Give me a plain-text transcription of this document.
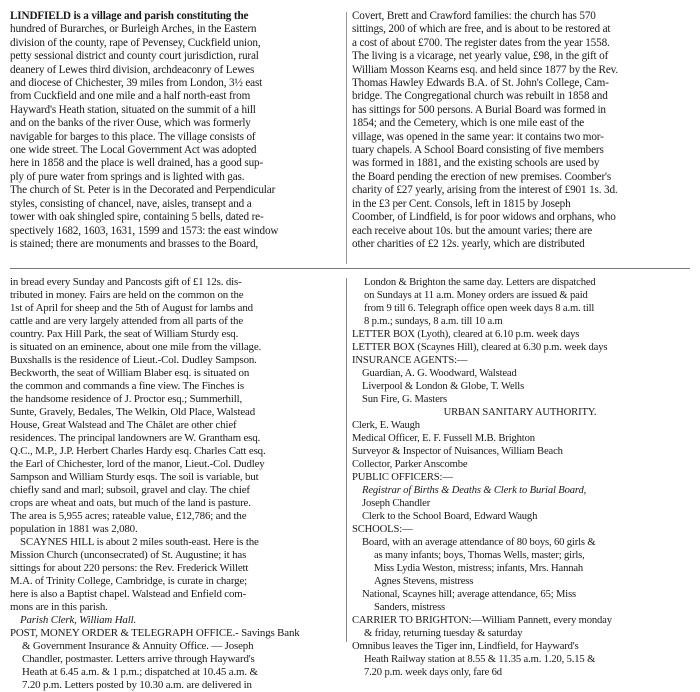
LINDFIELD is a village and parish constituting the
hundred of Burarches, or Burleigh Arches, in the Eastern
division of the county, rape of Pevensey, Cuckfield union,
petty sessional district and county court jurisdiction, rural
deanery of Lewes third division, archdeaconry of Lewes
and diocese of Chichester, 39 miles from London, 3½ east
from Cuckfield and one mile and a half north-east from
Hayward's Heath station, situated on the summit of a hill
and on the banks of the river Ouse, which was formerly
navigable for barges to this place. The village consists of
one wide street. The Local Government Act was adopted
here in 1858 and the place is well drained, has a good sup-
ply of pure water from springs and is lighted with gas.
The church of St. Peter is in the Decorated and Perpendicular
styles, consisting of chancel, nave, aisles, transept and a
tower with oak shingled spire, containing 5 bells, dated re-
spectively 1682, 1603, 1631, 1599 and 1573: the east window
is stained; there are monuments and brasses to the Board,
Covert, Brett and Crawford families: the church has 570
sittings, 200 of which are free, and is about to be restored at
a cost of about £700. The register dates from the year 1558.
The living is a vicarage, net yearly value, £98, in the gift of
William Mosson Kearns esq. and held since 1877 by the Rev.
Thomas Hawley Edwards B.A. of St. John's College, Cam-
bridge. The Congregational church was rebuilt in 1858 and
has sittings for 500 persons. A Burial Board was formed in
1854; and the Cemetery, which is one mile east of the
village, was opened in the same year: it contains two mor-
tuary chapels. A School Board consisting of five members
was formed in 1881, and the existing schools are used by
the Board pending the erection of new premises. Coomber's
charity of £27 yearly, arising from the interest of £901 1s. 3d.
in the £3 per Cent. Consols, left in 1815 by Joseph
Coomber, of Lindfield, is for poor widows and orphans, who
each receive about 10s. but the amount varies; there are
other charities of £2 12s. yearly, which are distributed
in bread every Sunday and Pancosts gift of £1 12s. dis-
tributed in money. Fairs are held on the common on the
1st of April for sheep and the 5th of August for lambs and
cattle and are very largely attended from all parts of the
country. Pax Hill Park, the seat of William Sturdy esq.
is situated on an eminence, about one mile from the village.
Buxshalls is the residence of Lieut.-Col. Dudley Sampson.
Beckworth, the seat of William Blaber esq. is situated on
the common and commands a fine view. The Finches is
the handsome residence of J. Proctor esq.; Summerhill,
Sunte, Gravely, Bedales, The Welkin, Old Place, Walstead
House, Great Walstead and The Châlet are other chief
residences. The principal landowners are W. Grantham esq.
Q.C., M.P., J.P. Herbert Charles Hardy esq. Charles Catt esq.
the Earl of Chichester, lord of the manor, Lieut.-Col. Dudley
Sampson and William Sturdy esqs. The soil is variable, but
chiefly sand and marl; subsoil, gravel and clay. The chief
crops are wheat and oats, but much of the land is pasture.
The area is 5,955 acres; rateable value, £12,786; and the
population in 1881 was 2,080.
SCAYNES HILL is about 2 miles south-east. Here is the
Mission Church (unconsecrated) of St. Augustine; it has
sittings for about 220 persons: the Rev. Frederick Willett
M.A. of Trinity College, Cambridge, is curate in charge;
here is also a Baptist chapel. Walstead and Enfield com-
mons are in this parish.
Parish Clerk, William Hall.
POST, MONEY ORDER & TELEGRAPH OFFICE.- Savings Bank
& Government Insurance & Annuity Office. — Joseph
Chandler, postmaster. Letters arrive through Hayward's
Heath at 6.45 a.m. & 1 p.m.; dispatched at 10.45 a.m. &
7.20 p.m. Letters posted by 10.30 a.m. are delivered in
London & Brighton the same day. Letters are dispatched
on Sundays at 11 a.m. Money orders are issued & paid
from 9 till 6. Telegraph office open week days 8 a.m. till
8 p.m.; sundays, 8 a.m. till 10 a.m
LETTER BOX (Lyoth), cleared at 6.10 p.m. week days
LETTER BOX (Scaynes Hill), cleared at 6.30 p.m. week days
INSURANCE AGENTS:—
Guardian, A. G. Woodward, Walstead
Liverpool & London & Globe, T. Wells
Sun Fire, G. Masters
URBAN SANITARY AUTHORITY.
Clerk, E. Waugh
Medical Officer, E. F. Fussell M.B. Brighton
Surveyor & Inspector of Nuisances, William Beach
Collector, Parker Anscombe
PUBLIC OFFICERS:—
Registrar of Births & Deaths & Clerk to Burial Board,
Joseph Chandler
Clerk to the School Board, Edward Waugh
SCHOOLS:—
Board, with an average attendance of 80 boys, 60 girls &
as many infants; boys, Thomas Wells, master; girls,
Miss Lydia Weston, mistress; infants, Mrs. Hannah
Agnes Stevens, mistress
National, Scaynes hill; average attendance, 65; Miss
Sanders, mistress
CARRIER TO BRIGHTON:—William Pannett, every monday
& friday, returning tuesday & saturday
Omnibus leaves the Tiger inn, Lindfield, for Hayward's
Heath Railway station at 8.55 & 11.35 a.m. 1.20, 5.15 &
7.20 p.m. week days only, fare 6d
